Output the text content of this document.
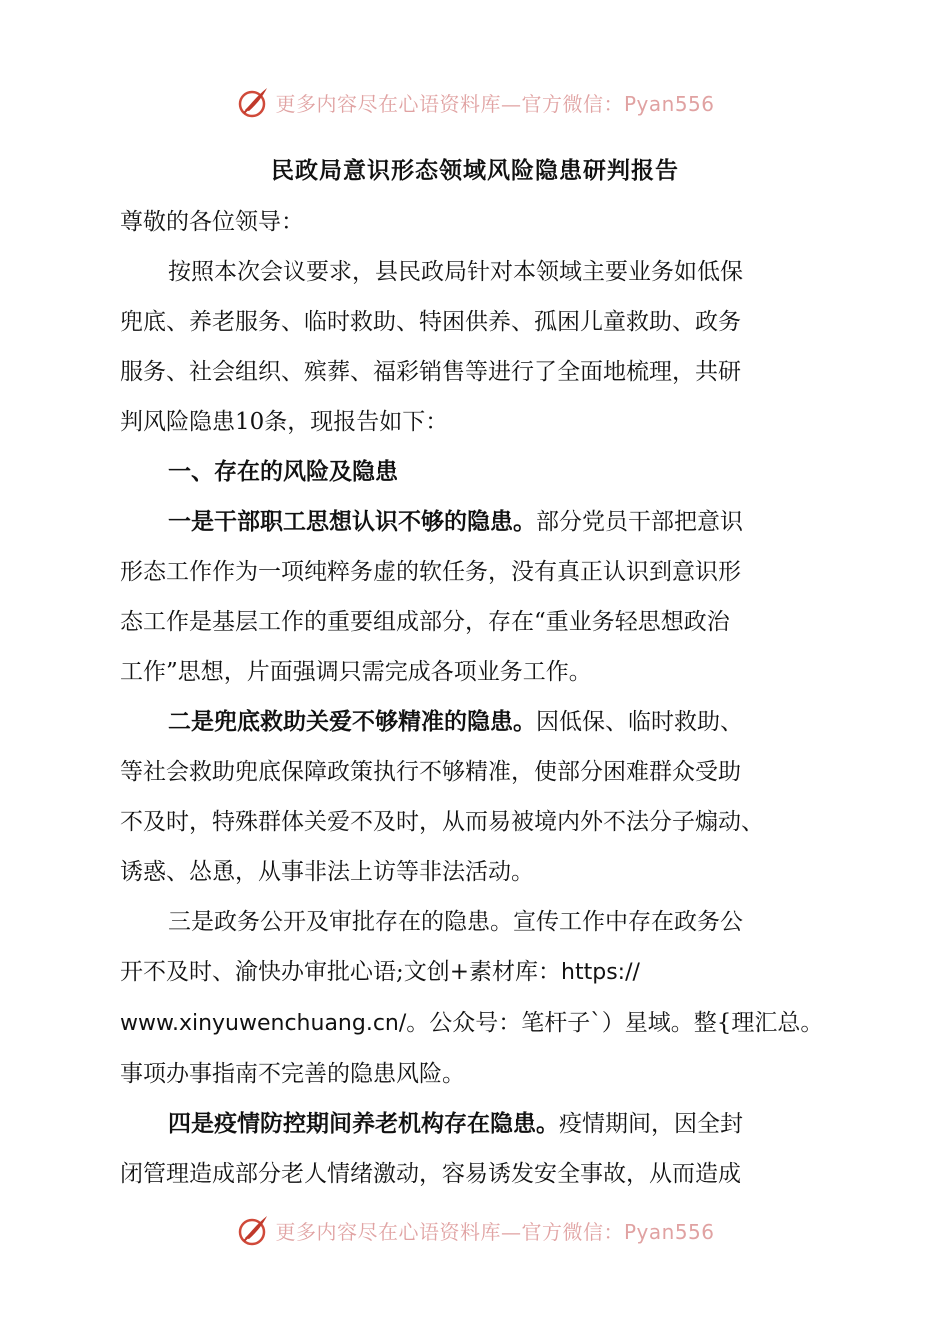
更多内容尽在心语资料库—官方微信：Pyan556
民政局意识形态领域风险隐患研判报告

尊敬的各位领导：

按照本次会议要求，县民政局针对本领域主要业务如低保

兜底、养老服务、临时救助、特困供养、孤困儿童救助、政务

服务、社会组织、殡葬、福彩销售等进行了全面地梳理，共研

判风险隐患10条，现报告如下：

一、存在的风险及隐患

一是干部职工思想认识不够的隐患。部分党员干部把意识

形态工作作为一项纯粹务虚的软任务，没有真正认识到意识形

态工作是基层工作的重要组成部分，存在“重业务轻思想政治

工作”思想，片面强调只需完成各项业务工作。

二是兜底救助关爱不够精准的隐患。因低保、临时救助、

等社会救助兜底保障政策执行不够精准，使部分困难群众受助

不及时，特殊群体关爱不及时，从而易被境内外不法分子煽动、

诱惑、怂恿，从事非法上访等非法活动。

三是政务公开及审批存在的隐患。宣传工作中存在政务公

开不及时、渝快办审批心语;文创+素材库：https://

www.xinyuwenchuang.cn/。公众号：笔杆子`）星域。整{理汇总。

事项办事指南不完善的隐患风险。

四是疫情防控期间养老机构存在隐患。疫情期间，因全封

闭管理造成部分老人情绪激动，容易诱发安全事故，从而造成

更多内容尽在心语资料库—官方微信：Pyan556
